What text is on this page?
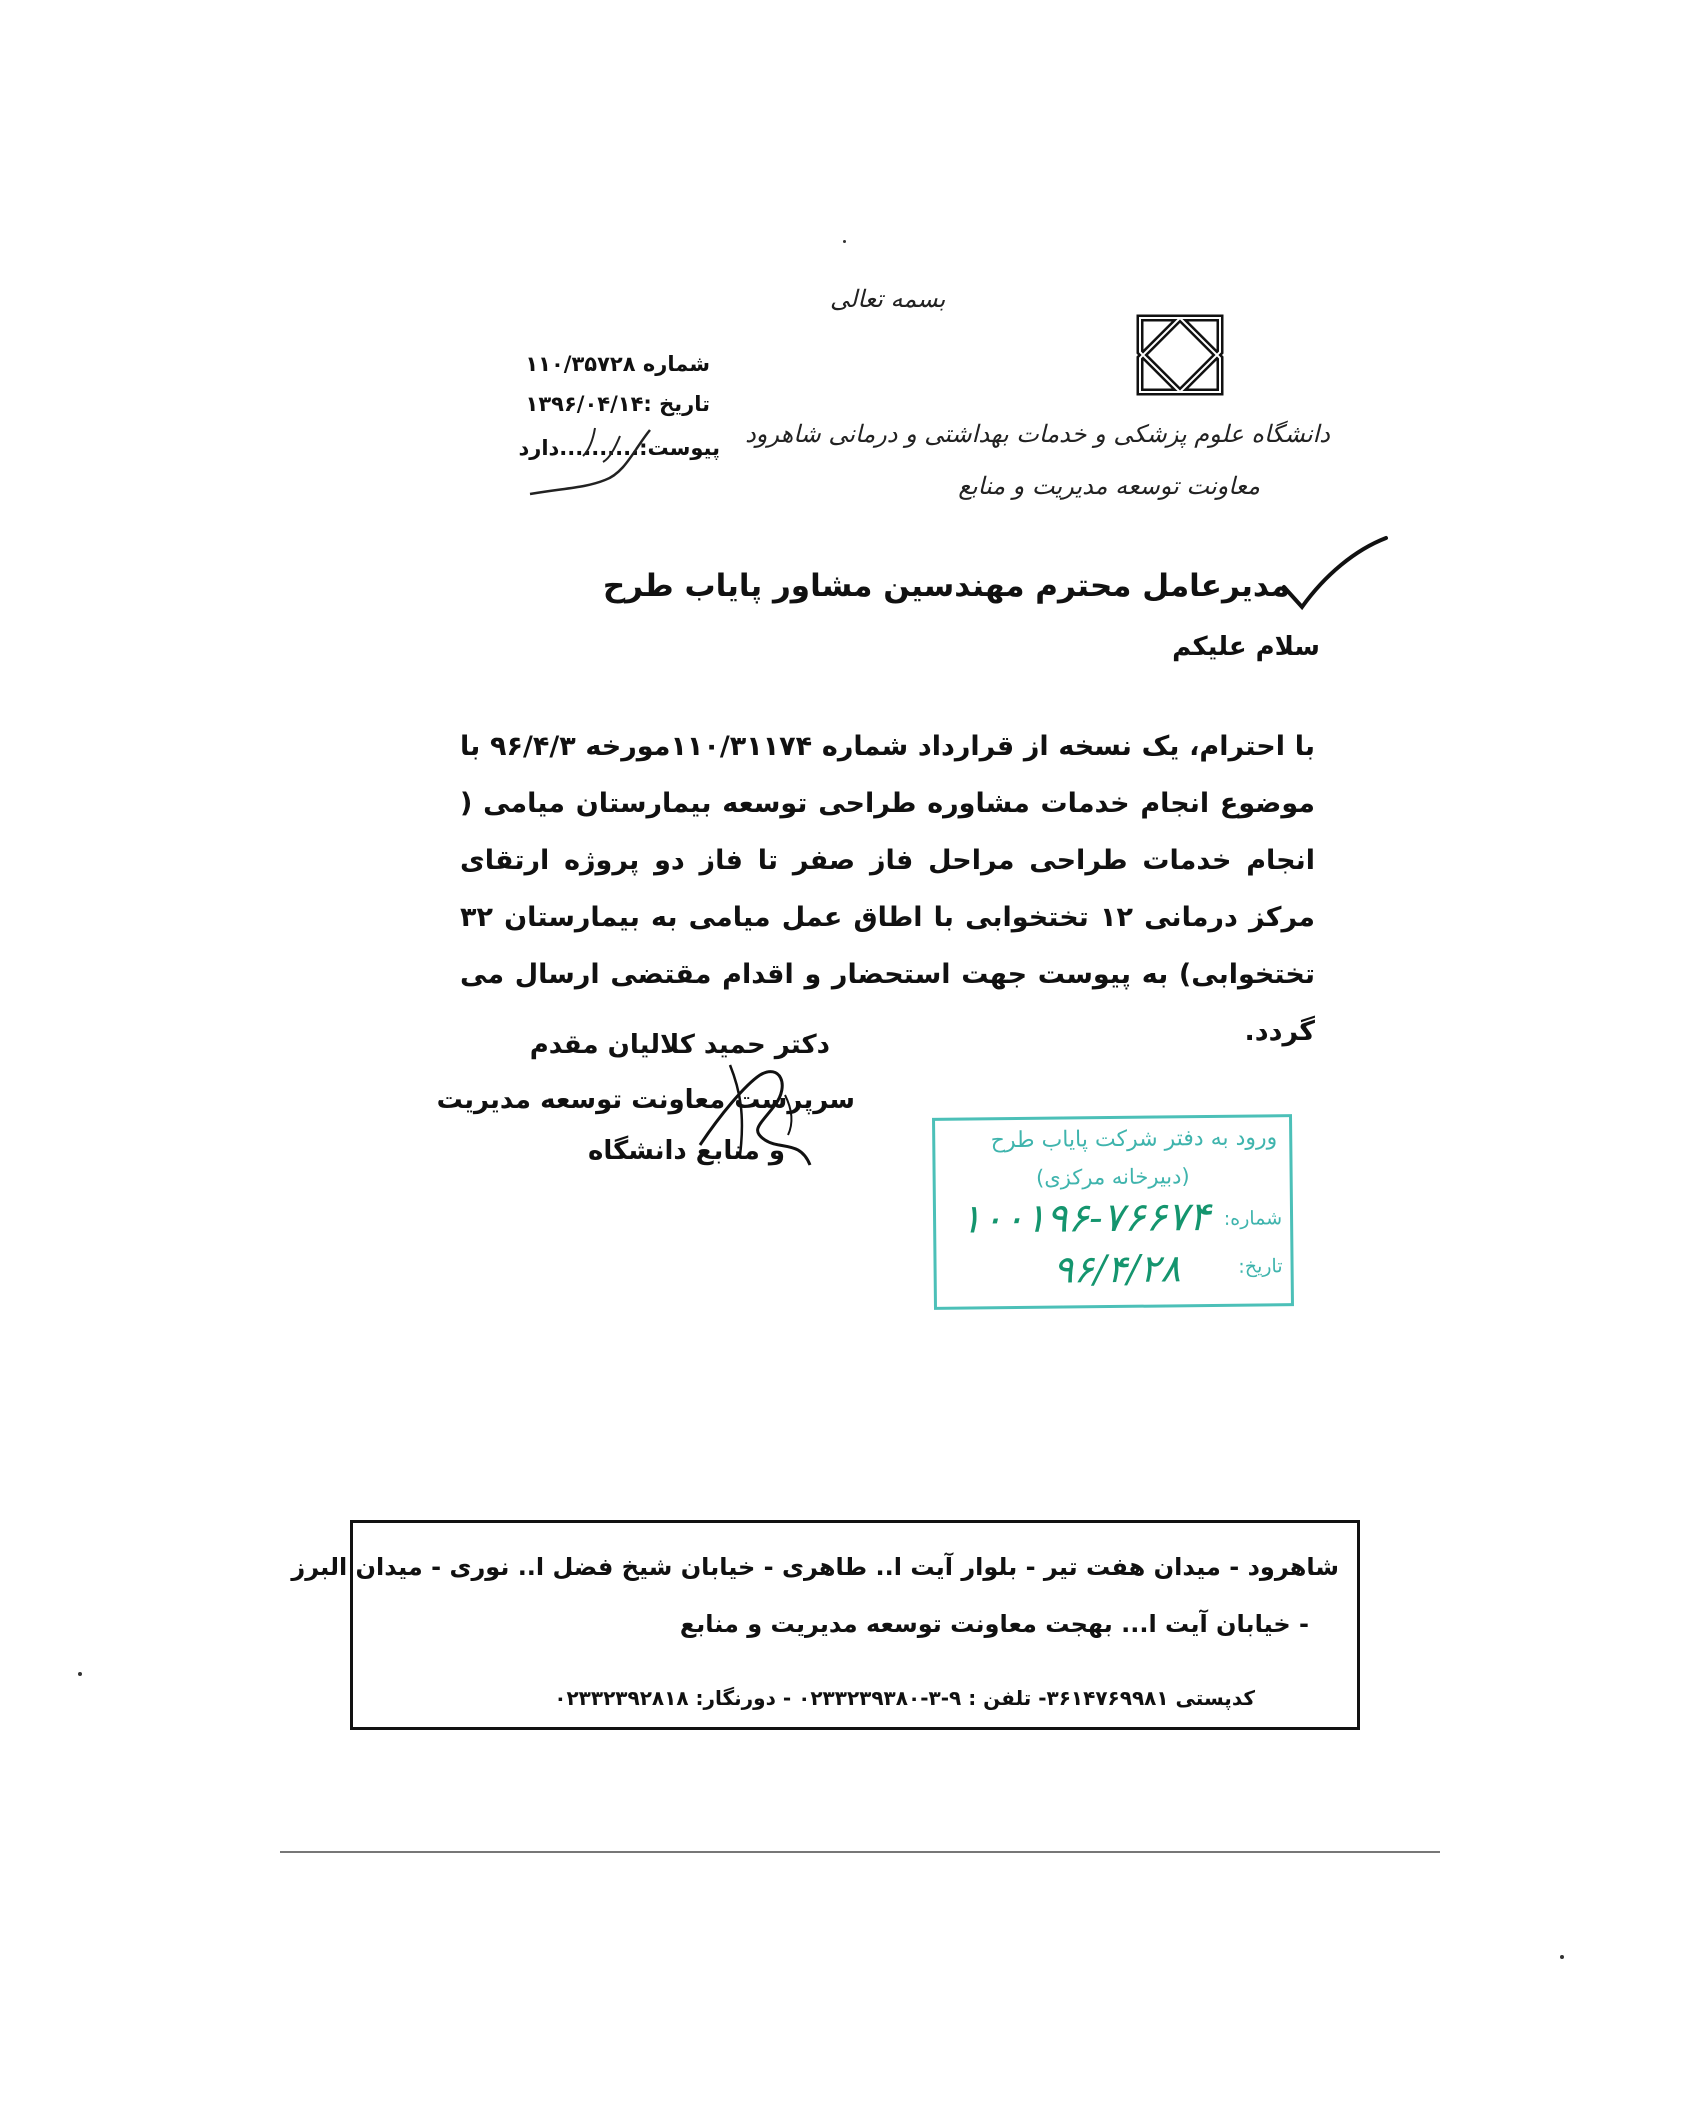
بسمه تعالی
دانشگاه علوم پزشکی و خدمات بهداشتی و درمانی شاهرود
معاونت توسعه مدیریت و منابع
شماره ۱۱۰/۳۵۷۲۸
تاریخ :۱۳۹۶/۰۴/۱۴
پیوست:..........دارد
مدیرعامل محترم مهندسین مشاور پایاب طرح
سلام علیکم
با احترام، یک نسخه از قرارداد شماره ۱۱۰/۳۱۱۷۴مورخه ۹۶/۴/۳ با موضوع انجام خدمات مشاوره طراحی توسعه بیمارستان میامی ( انجام خدمات طراحی مراحل فاز صفر تا فاز دو پروژه ارتقای مرکز درمانی ۱۲ تختخوابی با اطاق عمل میامی به بیمارستان ۳۲ تختخوابی) به پیوست جهت استحضار و اقدام مقتضی ارسال می گردد.
دکتر حمید کلالیان مقدم
سرپرست معاونت توسعه مدیریت
و منابع دانشگاه	ورود به دفتر شرکت پایاب طرح
(دبیرخانه مرکزی)
شماره:
۱۰۰۱۹۶-۷۶۶۷۴
تاریخ:
۹۶/۴/۲۸
شاهرود - میدان هفت تیر - بلوار آیت ا.. طاهری - خیابان شیخ فضل ا.. نوری - میدان البرز
- خیابان آیت ا... بهجت معاونت توسعه مدیریت و منابع
کدپستی ۳۶۱۴۷۶۹۹۸۱- تلفن : ۹-۳-۰۲۳۳۲۳۹۳۸۰ - دورنگار: ۰۲۳۳۲۳۹۲۸۱۸
